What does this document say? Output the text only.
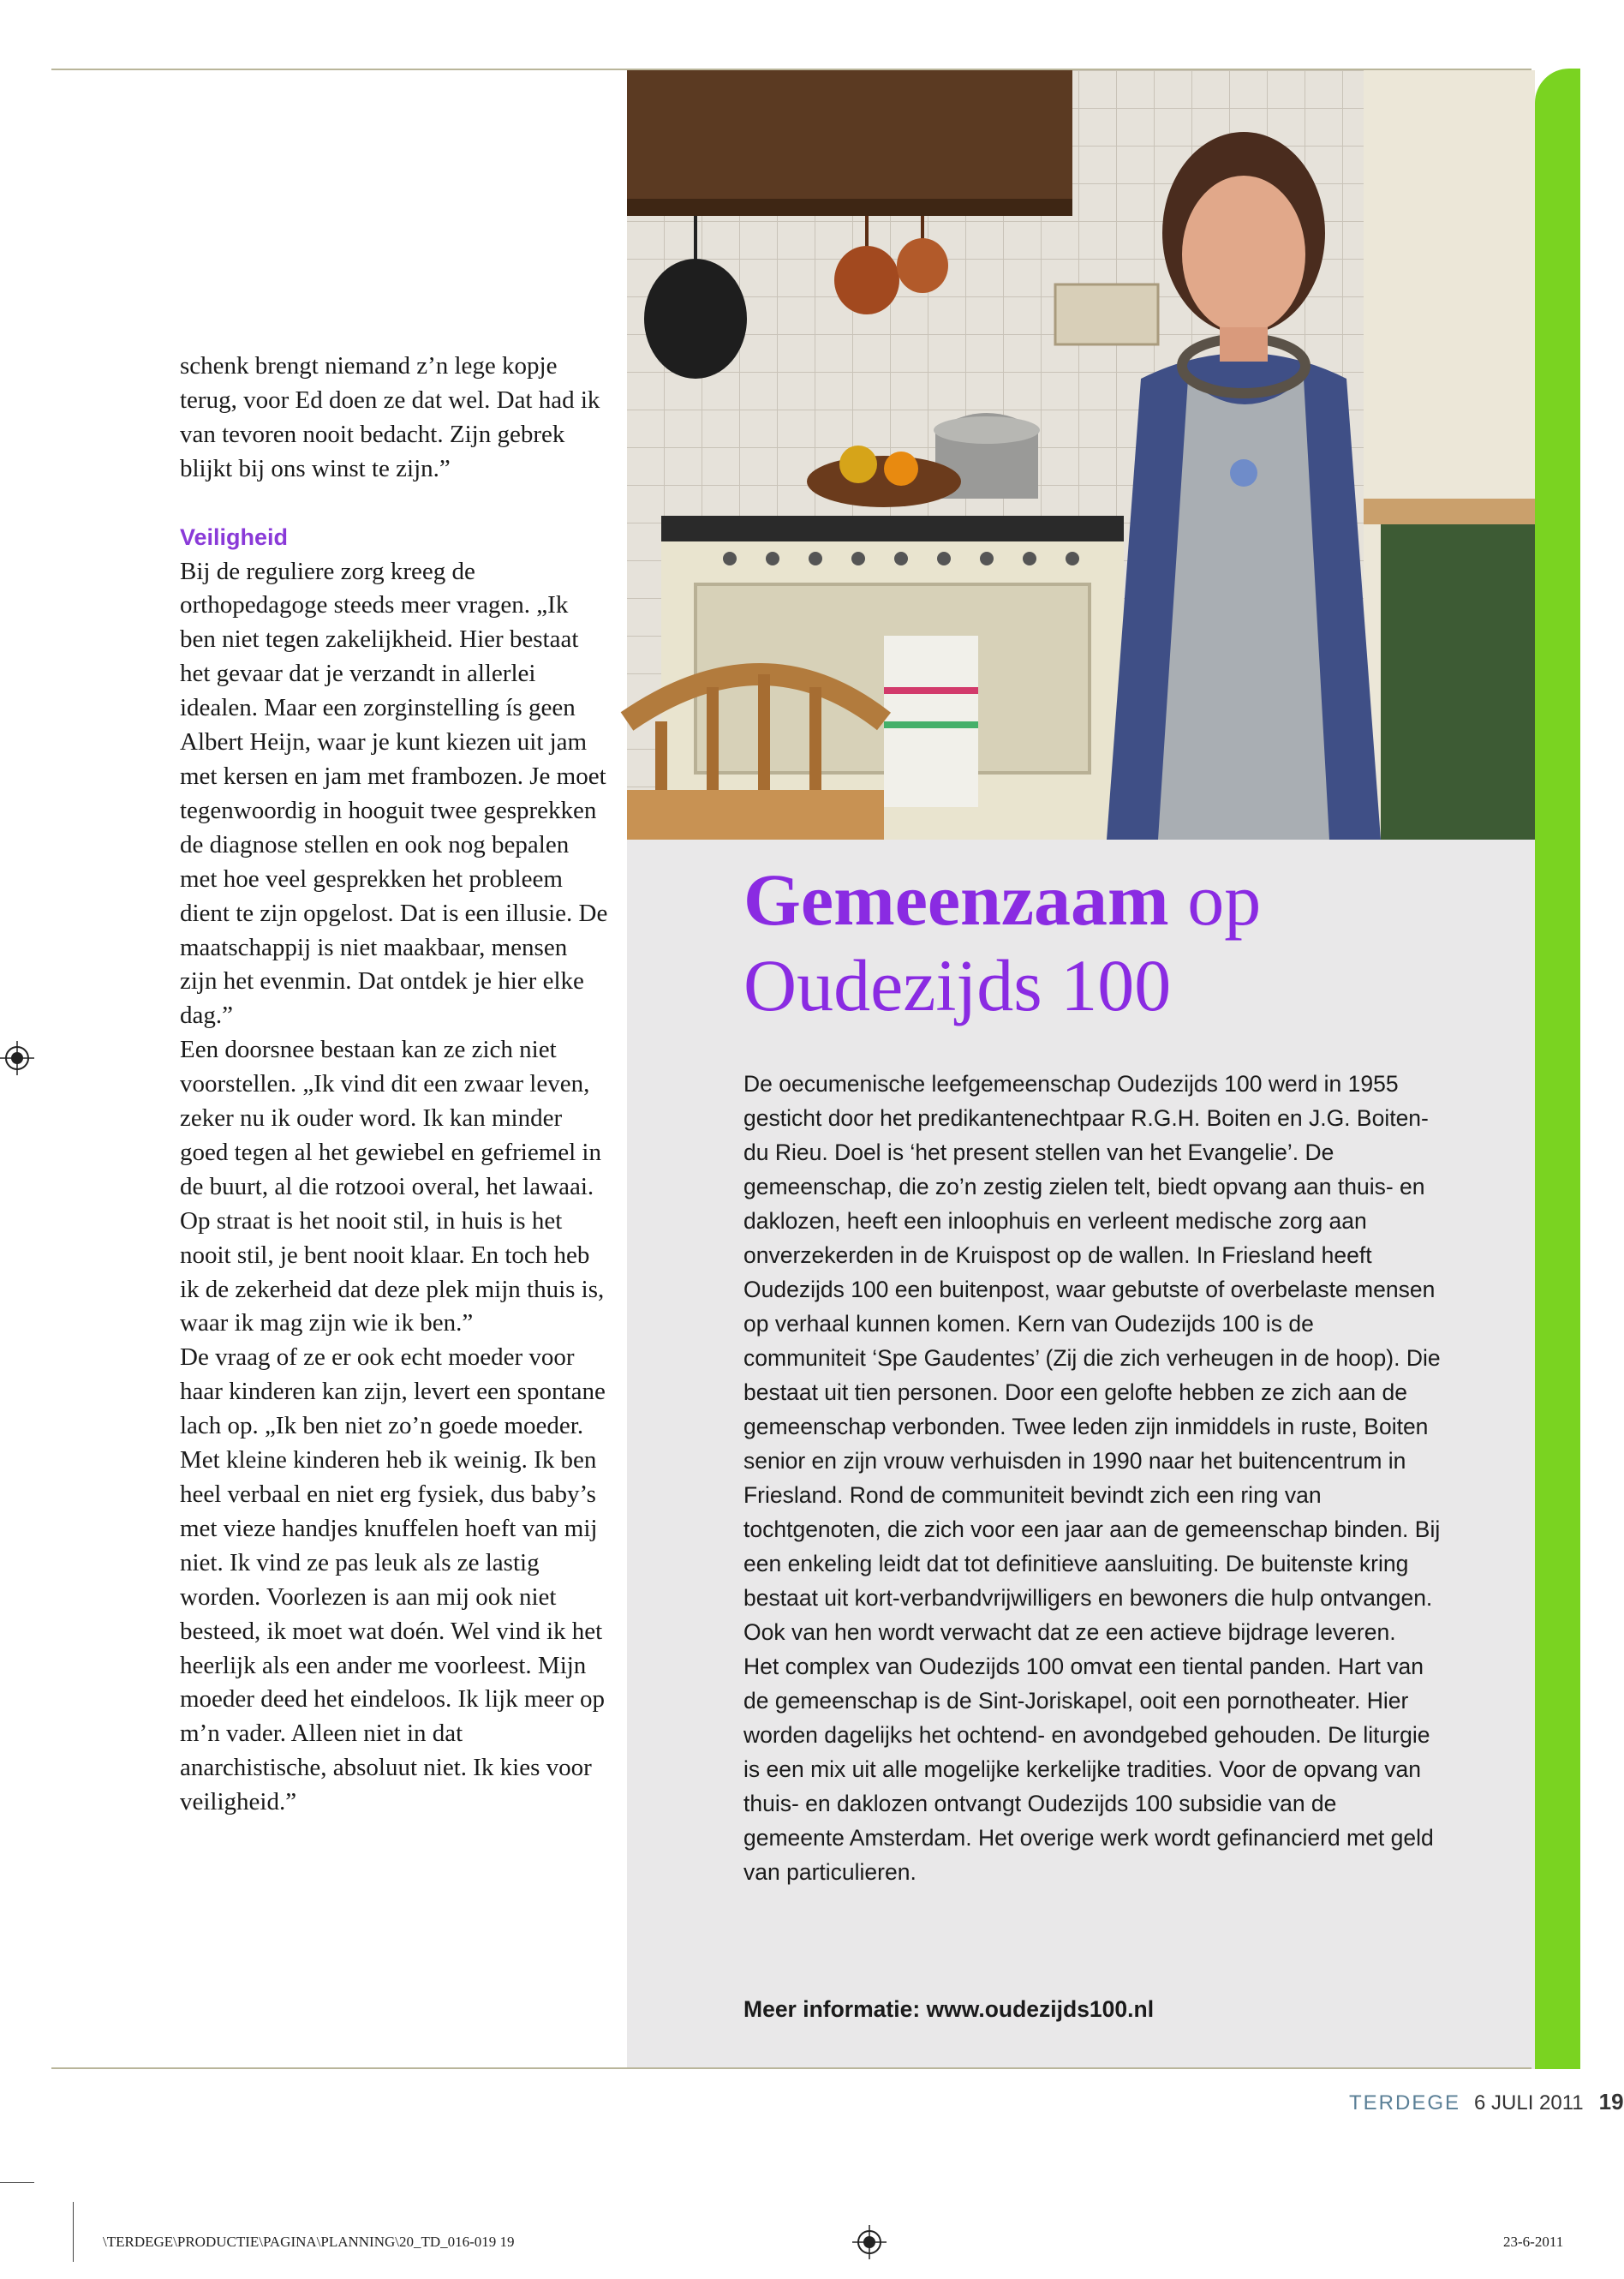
schenk brengt niemand z’n lege kopje terug, voor Ed doen ze dat wel. Dat had ik van tevoren nooit bedacht. Zijn gebrek blijkt bij ons winst te zijn.”

Veiligheid

Bij de reguliere zorg kreeg de orthopedagoge steeds meer vragen. „Ik ben niet tegen zakelijkheid. Hier bestaat het gevaar dat je verzandt in allerlei idealen. Maar een zorginstelling ís geen Albert Heijn, waar je kunt kiezen uit jam met kersen en jam met frambozen. Je moet tegenwoordig in hooguit twee gesprekken de diagnose stellen en ook nog bepalen met hoe veel gesprekken het probleem dient te zijn opgelost. Dat is een illusie. De maatschappij is niet maakbaar, mensen zijn het evenmin. Dat ontdek je hier elke dag.”

Een doorsnee bestaan kan ze zich niet voorstellen. „Ik vind dit een zwaar leven, zeker nu ik ouder word. Ik kan minder goed tegen al het gewiebel en gefriemel in de buurt, al die rotzooi overal, het lawaai. Op straat is het nooit stil, in huis is het nooit stil, je bent nooit klaar. En toch heb ik de zekerheid dat deze plek mijn thuis is, waar ik mag zijn wie ik ben.”

De vraag of ze er ook echt moeder voor haar kinderen kan zijn, levert een spontane lach op. „Ik ben niet zo’n goede moeder. Met kleine kinderen heb ik weinig. Ik ben heel verbaal en niet erg fysiek, dus baby’s met vieze handjes knuffelen hoeft van mij niet. Ik vind ze pas leuk als ze lastig worden. Voorlezen is aan mij ook niet besteed, ik moet wat doén. Wel vind ik het heerlijk als een ander me voorleest. Mijn moeder deed het eindeloos. Ik lijk meer op m’n vader. Alleen niet in dat anarchistische, absoluut niet. Ik kies voor veiligheid.”

Gemeenzaam op
Oudezijds 100

De oecumenische leefgemeenschap Oudezijds 100 werd in 1955 gesticht door het predikantenechtpaar R.G.H. Boiten en J.G. Boiten-du Rieu. Doel is ‘het present stellen van het Evangelie’. De gemeenschap, die zo’n zestig zielen telt, biedt opvang aan thuis- en daklozen, heeft een inloophuis en verleent medische zorg aan onverzekerden in de Kruispost op de wallen. In Friesland heeft Oudezijds 100 een buitenpost, waar gebutste of overbelaste mensen op verhaal kunnen komen. Kern van Oudezijds 100 is de communiteit ‘Spe Gaudentes’ (Zij die zich verheugen in de hoop). Die bestaat uit tien personen. Door een gelofte hebben ze zich aan de gemeenschap verbonden. Twee leden zijn inmiddels in ruste, Boiten senior en zijn vrouw verhuisden in 1990 naar het buitencentrum in Friesland. Rond de communiteit bevindt zich een ring van tochtgenoten, die zich voor een jaar aan de gemeenschap binden. Bij een enkeling leidt dat tot definitieve aansluiting. De buitenste kring bestaat uit kort-verbandvrijwilligers en bewoners die hulp ontvangen. Ook van hen wordt verwacht dat ze een actieve bijdrage leveren.

Het complex van Oudezijds 100 omvat een tiental panden. Hart van de gemeenschap is de Sint-Joriskapel, ooit een pornotheater. Hier worden dagelijks het ochtend- en avondgebed gehouden. De liturgie is een mix uit alle mogelijke kerkelijke tradities. Voor de opvang van thuis- en daklozen ontvangt Oudezijds 100 subsidie van de gemeente Amsterdam. Het overige werk wordt gefinancierd met geld van particulieren.

Meer informatie: www.oudezijds100.nl
TERDEGE 6 JULI 2011 19
\TERDEGE\PRODUCTIE\PAGINA\PLANNING\20_TD_016-019 19	23-6-2011
